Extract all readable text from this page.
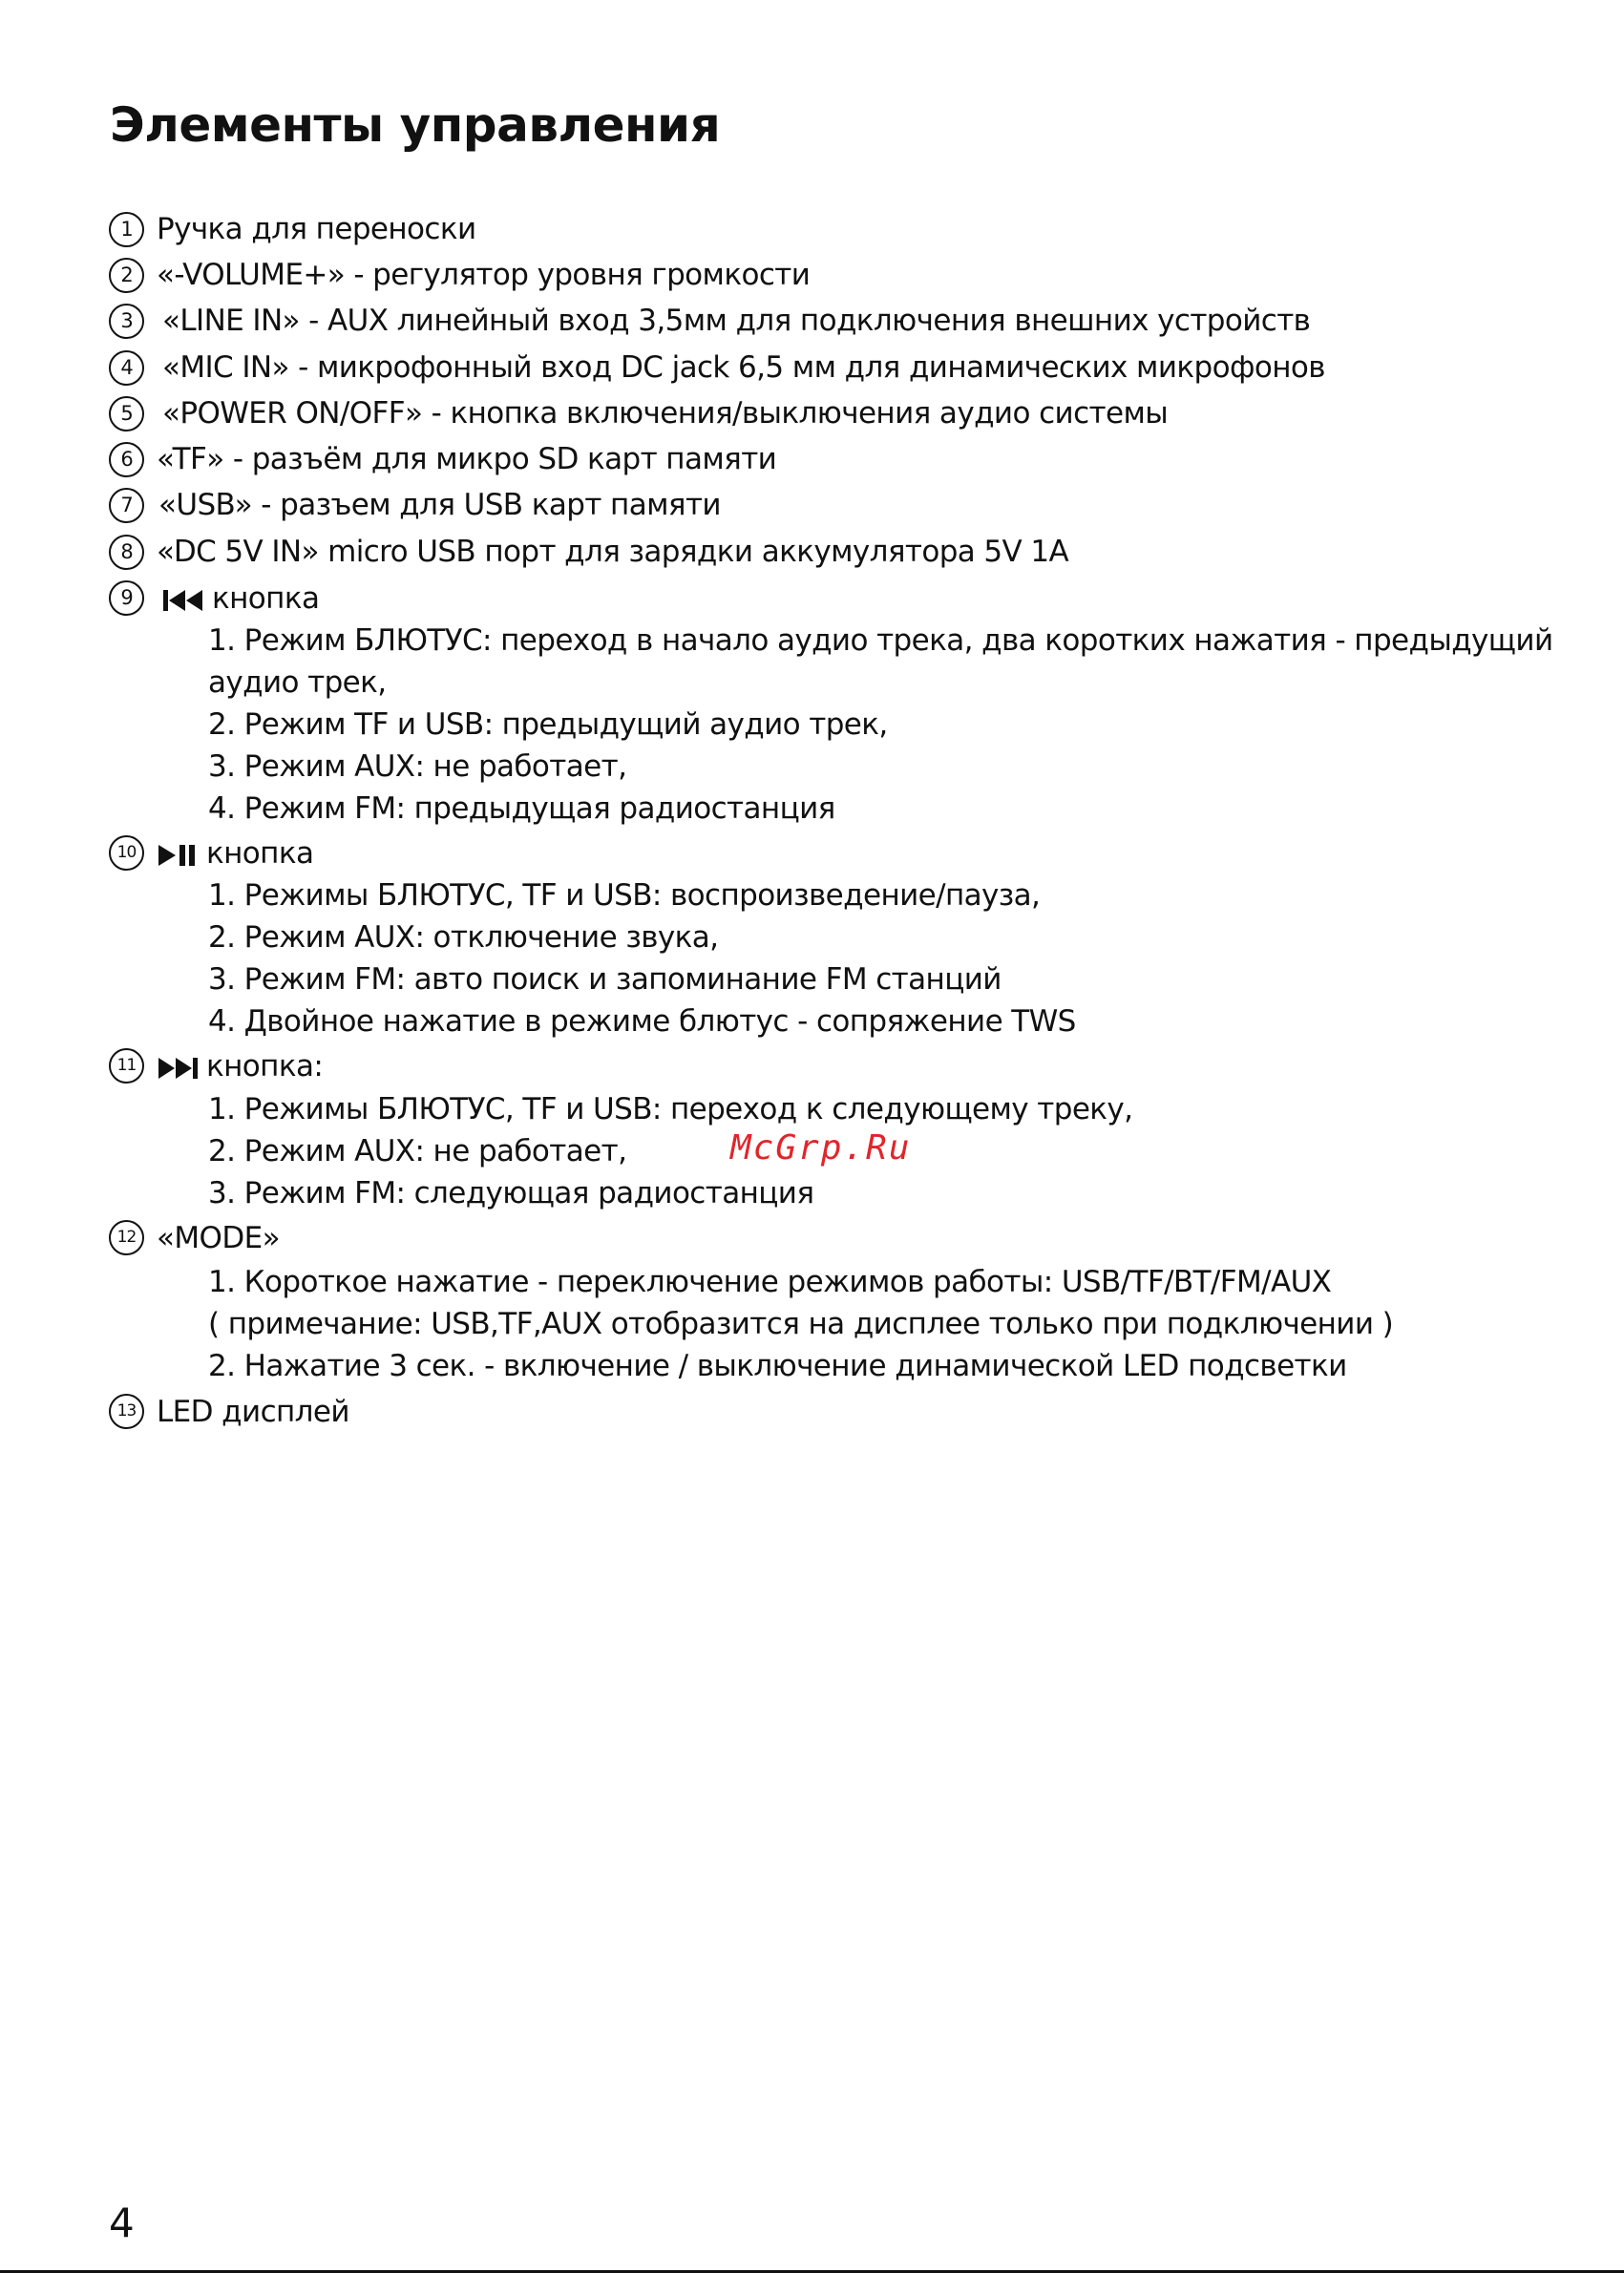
Элементы управления
1 Ручка для переноски
2 «-VOLUME+» - регулятор уровня громкости
3	«LINE IN» - AUX линейный вход 3,5мм для подключения внешних устройств
4	«MIC IN» - микрофонный вход DC jack 6,5 мм для динамических микрофонов
5	«POWER ON/OFF» - кнопка включения/выключения аудио системы
6 «TF» - разъём для микро SD карт памяти
7 «USB» - разъем для USB карт памяти
8 «DC 5V IN» micro USB порт для зарядки аккумулятора 5V 1A
9	кнопка
1. Режим БЛЮТУС: переход в начало аудио трека, два коротких нажатия - предыдущий
аудио трек,
2. Режим TF и USB: предыдущий аудио трек,
3. Режим AUX: не работает,
4. Режим FM: предыдущая радиостанция
10	кнопка
1. Режимы БЛЮТУС, TF и USB: воспроизведение/пауза,
2. Режим AUX: отключение звука,
3. Режим FM: авто поиск и запоминание FM станций
4. Двойное нажатие в режиме блютус - сопряжение TWS
11	кнопка:
1. Режимы БЛЮТУС, TF и USB: переход к следующему треку,
2. Режим AUX: не работает,
3. Режим FM: следующая радиостанция
12 «MODE»
1. Короткое нажатие - переключение режимов работы: USB/TF/BT/FM/AUX
( примечание: USB,TF,AUX отобразится на дисплее только при подключении )
2. Нажатие 3 сек. - включение / выключение динамической LED подсветки
13 LED дисплей
McGrp.Ru

4
